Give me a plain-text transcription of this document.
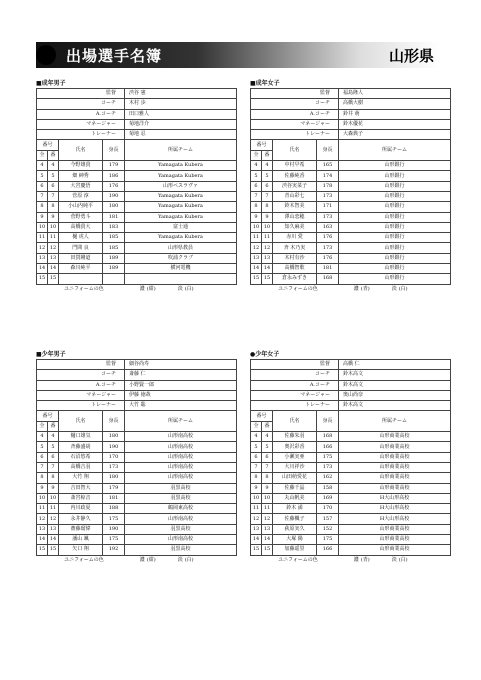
出場選手名簿	山形県
■成年男子
監督				渋谷 憲
コーチ				木村 歩
A.コーチ				田口雅人
マネージャー				菊地洋介
トレーナー				菊地 忍
番号		氏名	身長	所属チーム
全	番			
4	4	今野雄貴	179	Yamagata Kubera
5	5	畑 紳秀	186	Yamagata Kubera
6	6	大宮慶悟	176	山形ベスラヴァ
7	7	菅原 淳	190	Yamagata Kubera
8	8	小山内純平	180	Yamagata Kubera
9	9	菅野勇斗	181	Yamagata Kubera
10	10	高橋貴大	183	富士通
11	11	樋 虎人	185	Yamagata Kubera
12	12	門間 良	185	山形県教員
13	13	田賀剛道	189	吹浦クラブ
14	14	森川純平	189	横河電機
15	15			
ユニフォームの色	濃 (紺)	淡 (白)
■成年女子
監督				福島隆人
コーチ				高橋大樹
A.コーチ				鈴井 萌
マネージャー				鈴木優花
トレーナー				大森典子
番号		氏名	身長	所属チーム
全	番			
4	4	中村早希	165	山形銀行
5	5	佐藤純香	174	山形銀行
6	6	渋谷実菜子	178	山形銀行
7	7	青山彩七	173	山形銀行
8	8	鈴木智美	171	山形銀行
9	9	澤山恋穂	173	山形銀行
10	10	知久麻美	163	山形銀行
11	11	赤川 愛	176	山形銀行
12	12	斉 木乃実	173	山形銀行
13	13	木村有沙	176	山形銀行
14	14	高橋智歌	181	山形銀行
15	15	倉永みずき	168	山形銀行
ユニフォームの色	濃 (青)	淡 (白)
■少年男子
監督				細谷尚寿
コーチ				斎藤 仁
A.コーチ				小野賢一郎
マネージャー				伊藤 徳哉
トレーナー				大竹 聡
番号		氏名	身長	所属チーム
全	番			
4	4	樋口雄気	180	山形南高校
5	5	斉藤盛胡	190	山形南高校
6	6	石沼悠希	170	山形南高校
7	7	高橋吉羽	173	山形南高校
8	8	大竹 翔	180	山形南高校
9	9	吉田智大	179	羽黒高校
10	10	斎宮椋音	181	羽黒高校
11	11	内川政夏	188	鶴岡東高校
12	12	永井静久	175	山形南高校
13	13	齋藤瑠偉	190	羽黒高校
14	14	潘山 颯	175	山形南高校
15	15	矢口 翔	192	羽黒高校
ユニフォームの色	濃 (紺)	淡 (白)
●少年女子
監督				高橋 仁
コーチ				鈴木高文
A.コーチ				鈴木高文
マネージャー				奥山尚奈
トレーナー				鈴木高文
番号		氏名	身長	所属チーム
全	番			
4	4	佐藤朱羽	168	山形商業高校
5	5	奥沢彩香	166	山形商業高校
6	6	小瀬実亜	175	山形商業高校
7	7	大川祥沙	173	山形商業高校
8	8	山田萌愛花	162	山形商業高校
9	9	佐藤千晶	158	山形商業高校
10	10	丸山帆美	169	H大山形高校
11	11	鈴木 満	170	H大山形高校
12	12	佐藤楓子	157	H大山形高校
13	13	荻原実久	152	山形商業高校
14	14	大塚 陽	175	山形商業高校
15	15	加藤遥里	166	山形商業高校
ユニフォームの色	濃 (青)	淡 (白)
